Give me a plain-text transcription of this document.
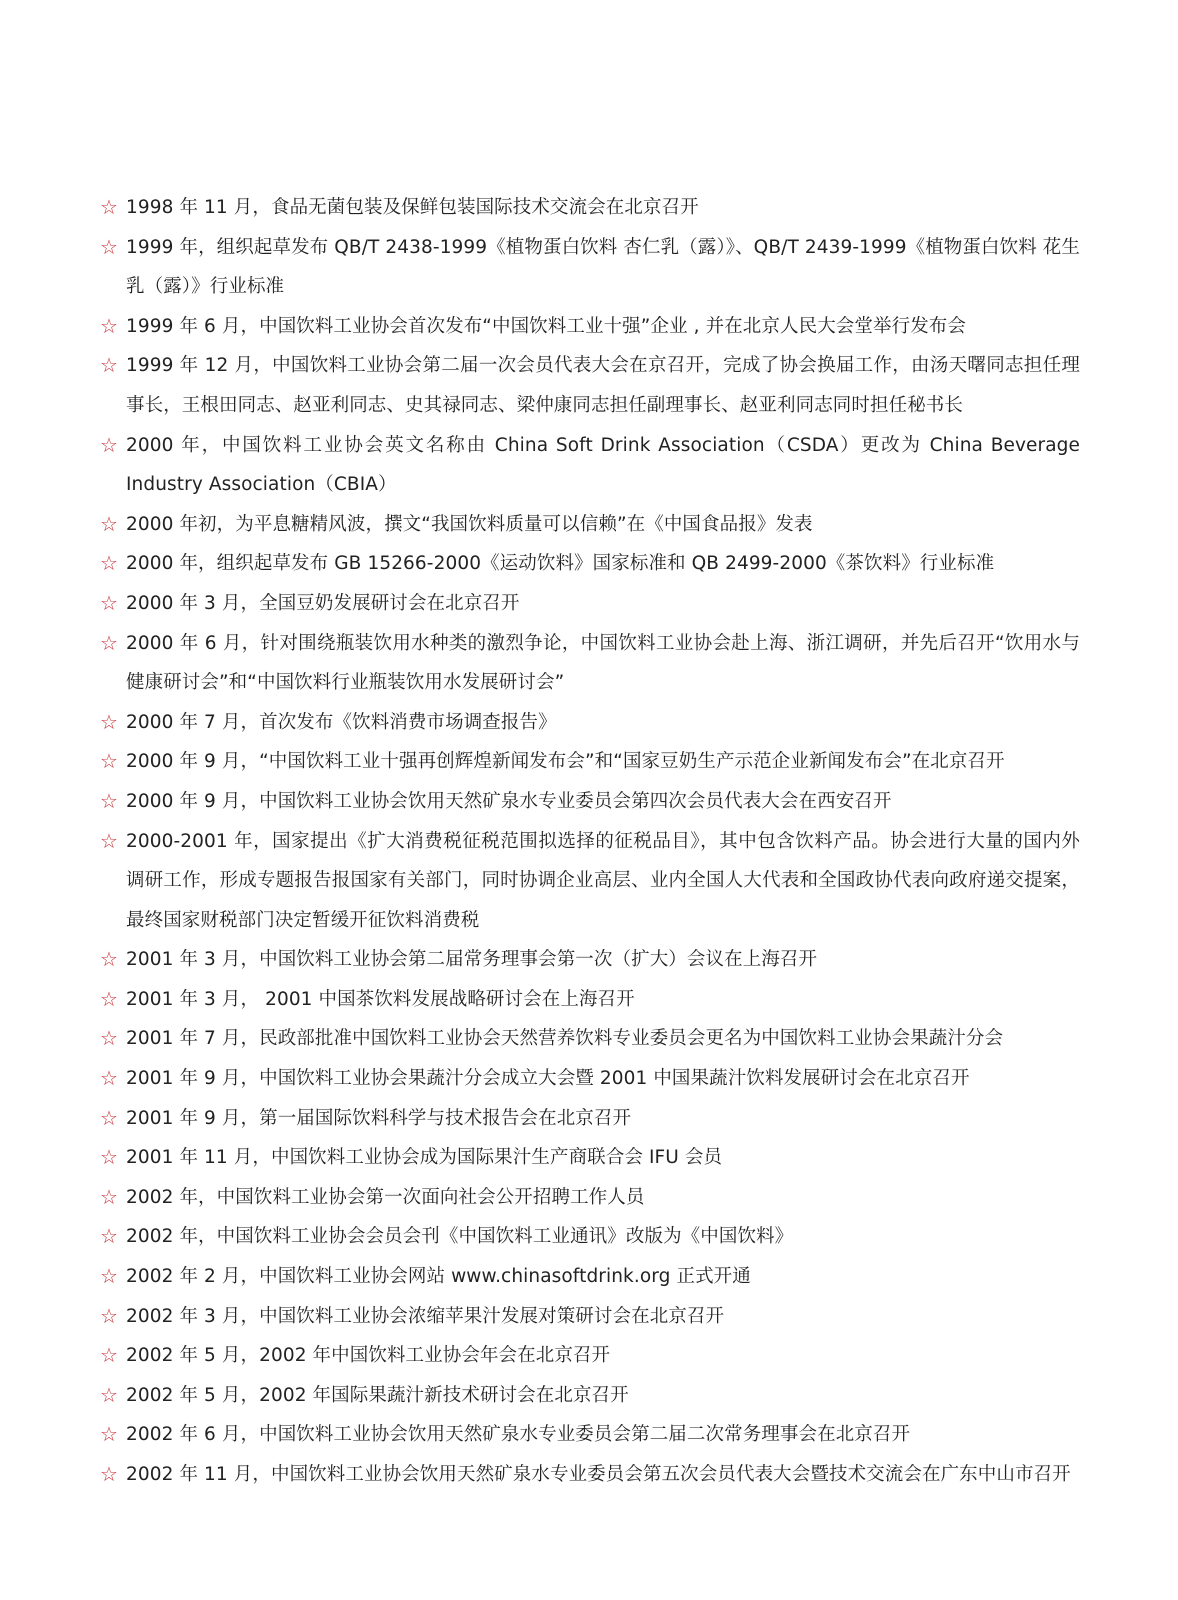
☆ 1998 年 11 月，食品无菌包装及保鲜包装国际技术交流会在北京召开
☆ 1999 年，组织起草发布 QB/T 2438-1999《植物蛋白饮料 杏仁乳（露）》、QB/T 2439-1999《植物蛋白饮料 花生乳（露）》行业标准
☆ 1999 年 6 月，中国饮料工业协会首次发布“中国饮料工业十强”企业 , 并在北京人民大会堂举行发布会
☆ 1999 年 12 月，中国饮料工业协会第二届一次会员代表大会在京召开，完成了协会换届工作，由汤天曙同志担任理事长，王根田同志、赵亚利同志、史其禄同志、梁仲康同志担任副理事长、赵亚利同志同时担任秘书长
☆ 2000 年，中国饮料工业协会英文名称由 China Soft Drink Association（CSDA）更改为 China Beverage Industry Association（CBIA）
☆ 2000 年初，为平息糖精风波，撰文“我国饮料质量可以信赖”在《中国食品报》发表
☆ 2000 年，组织起草发布 GB 15266-2000《运动饮料》国家标准和 QB 2499-2000《茶饮料》行业标准
☆ 2000 年 3 月，全国豆奶发展研讨会在北京召开
☆ 2000 年 6 月，针对围绕瓶装饮用水种类的激烈争论，中国饮料工业协会赴上海、浙江调研，并先后召开“饮用水与健康研讨会”和“中国饮料行业瓶装饮用水发展研讨会”
☆ 2000 年 7 月，首次发布《饮料消费市场调查报告》
☆ 2000 年 9 月，“中国饮料工业十强再创辉煌新闻发布会”和“国家豆奶生产示范企业新闻发布会”在北京召开
☆ 2000 年 9 月，中国饮料工业协会饮用天然矿泉水专业委员会第四次会员代表大会在西安召开
☆ 2000-2001 年，国家提出《扩大消费税征税范围拟选择的征税品目》，其中包含饮料产品。协会进行大量的国内外调研工作，形成专题报告报国家有关部门，同时协调企业高层、业内全国人大代表和全国政协代表向政府递交提案，最终国家财税部门决定暂缓开征饮料消费税
☆ 2001 年 3 月，中国饮料工业协会第二届常务理事会第一次（扩大）会议在上海召开
☆ 2001 年 3 月， 2001 中国茶饮料发展战略研讨会在上海召开
☆ 2001 年 7 月，民政部批准中国饮料工业协会天然营养饮料专业委员会更名为中国饮料工业协会果蔬汁分会
☆ 2001 年 9 月，中国饮料工业协会果蔬汁分会成立大会暨 2001 中国果蔬汁饮料发展研讨会在北京召开
☆ 2001 年 9 月，第一届国际饮料科学与技术报告会在北京召开
☆ 2001 年 11 月，中国饮料工业协会成为国际果汁生产商联合会 IFU 会员
☆ 2002 年，中国饮料工业协会第一次面向社会公开招聘工作人员
☆ 2002 年，中国饮料工业协会会员会刊《中国饮料工业通讯》改版为《中国饮料》
☆ 2002 年 2 月，中国饮料工业协会网站 www.chinasoftdrink.org 正式开通
☆ 2002 年 3 月，中国饮料工业协会浓缩苹果汁发展对策研讨会在北京召开
☆ 2002 年 5 月，2002 年中国饮料工业协会年会在北京召开
☆ 2002 年 5 月，2002 年国际果蔬汁新技术研讨会在北京召开
☆ 2002 年 6 月，中国饮料工业协会饮用天然矿泉水专业委员会第二届二次常务理事会在北京召开
☆ 2002 年 11 月，中国饮料工业协会饮用天然矿泉水专业委员会第五次会员代表大会暨技术交流会在广东中山市召开
